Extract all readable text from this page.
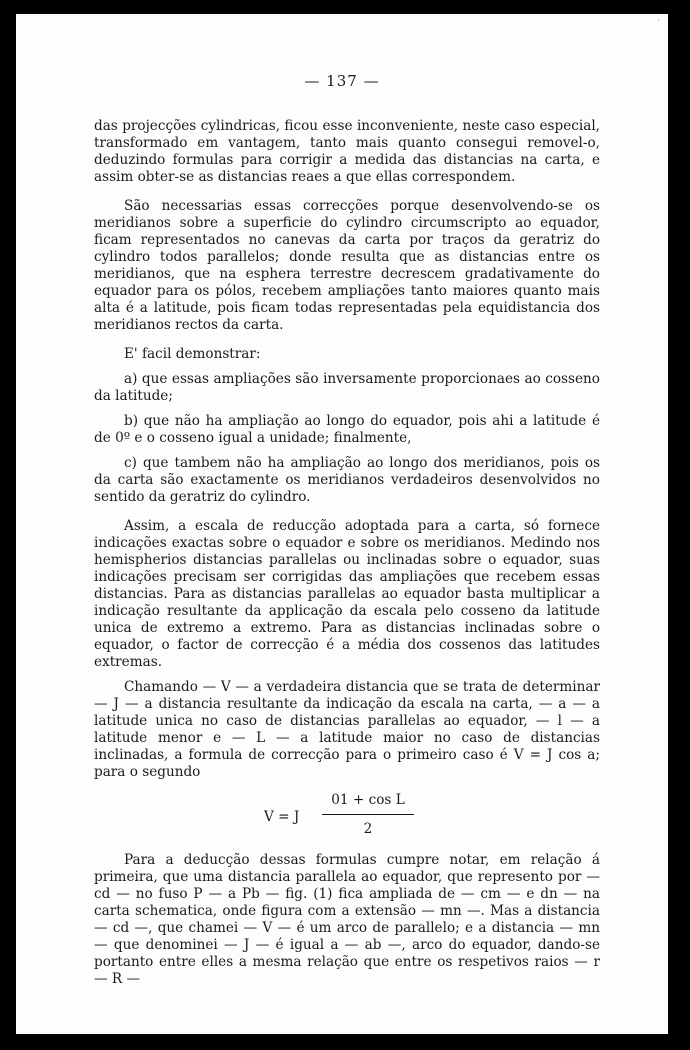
·
— 137 —

das projecções cylindricas, ficou esse inconveniente, neste caso especial, transformado em vantagem, tanto mais quanto consegui removel-o, deduzindo formulas para corrigir a medida das distancias na carta, e assim obter-se as distancias reaes a que ellas correspondem.

São necessarias essas correcções porque desenvolvendo-se os meridianos sobre a superficie do cylindro circumscripto ao equador, ficam representados no canevas da carta por traços da geratriz do cylindro todos parallelos; donde resulta que as distancias entre os meridianos, que na esphera terrestre decrescem gradativamente do equador para os pólos, recebem ampliações tanto maiores quanto mais alta é a latitude, pois ficam todas representadas pela equidistancia dos meridianos rectos da carta.

E' facil demonstrar:

a) que essas ampliações são inversamente proporcionaes ao cosseno da latitude;

b) que não ha ampliação ao longo do equador, pois ahi a latitude é de 0º e o cosseno igual a unidade; finalmente,

c) que tambem não ha ampliação ao longo dos meridianos, pois os da carta são exactamente os meridianos verdadeiros desenvolvidos no sentido da geratriz do cylindro.

Assim, a escala de reducção adoptada para a carta, só fornece indicações exactas sobre o equador e sobre os meridianos. Medindo nos hemispherios distancias parallelas ou inclinadas sobre o equador, suas indicações precisam ser corrigidas das ampliações que recebem essas distancias. Para as distancias parallelas ao equador basta multiplicar a indicação resultante da applicação da escala pelo cosseno da latitude unica de extremo a extremo. Para as distancias inclinadas sobre o equador, o factor de correcção é a média dos cossenos das latitudes extremas.

Chamando — V — a verdadeira distancia que se trata de determinar — J — a distancia resultante da indicação da escala na carta, — a — a latitude unica no caso de distancias parallelas ao equador, — l — a latitude menor e — L — a latitude maior no caso de distancias inclinadas, a formula de correcção para o primeiro caso é V = J cos a; para o segundo

V = J
01 + cos L
2

Para a deducção dessas formulas cumpre notar, em relação á primeira, que uma distancia parallela ao equador, que represento por — cd — no fuso P — a Pb — fig. (1) fica ampliada de — cm — e dn — na carta schematica, onde figura com a extensão — mn —. Mas a distancia — cd —, que chamei — V — é um arco de parallelo; e a distancia — mn — que denominei — J — é igual a — ab —, arco do equador, dando-se portanto entre elles a mesma relação que entre os respetivos raios — r — R —
